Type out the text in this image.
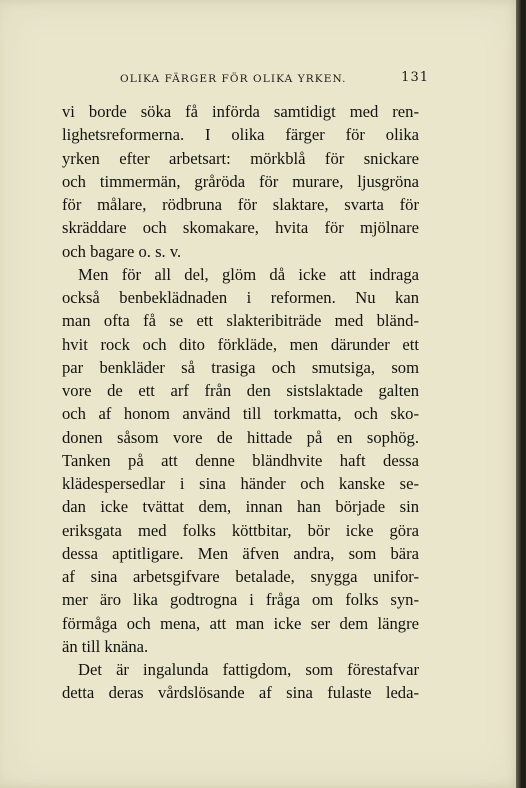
OLIKA FÄRGER FÖR OLIKA YRKEN.	131
vi borde söka få införda samtidigt med ren-
lighetsreformerna. I olika färger för olika
yrken efter arbetsart: mörkblå för snickare
och timmermän, gråröda för murare, ljusgröna
för målare, rödbruna för slaktare, svarta för
skräddare och skomakare, hvita för mjölnare
och bagare o. s. v.
Men för all del, glöm då icke att indraga
också benbeklädnaden i reformen. Nu kan
man ofta få se ett slakteribiträde med bländ-
hvit rock och dito förkläde, men därunder ett
par benkläder så trasiga och smutsiga, som
vore de ett arf från den sistslaktade galten
och af honom använd till torkmatta, och sko-
donen såsom vore de hittade på en sophög.
Tanken på att denne bländhvite haft dessa
klädespersedlar i sina händer och kanske se-
dan icke tvättat dem, innan han började sin
eriksgata med folks köttbitar, bör icke göra
dessa aptitligare. Men äfven andra, som bära
af sina arbetsgifvare betalade, snygga unifor-
mer äro lika godtrogna i fråga om folks syn-
förmåga och mena, att man icke ser dem längre
än till knäna.
Det är ingalunda fattigdom, som förestafvar
detta deras vårdslösande af sina fulaste leda-
